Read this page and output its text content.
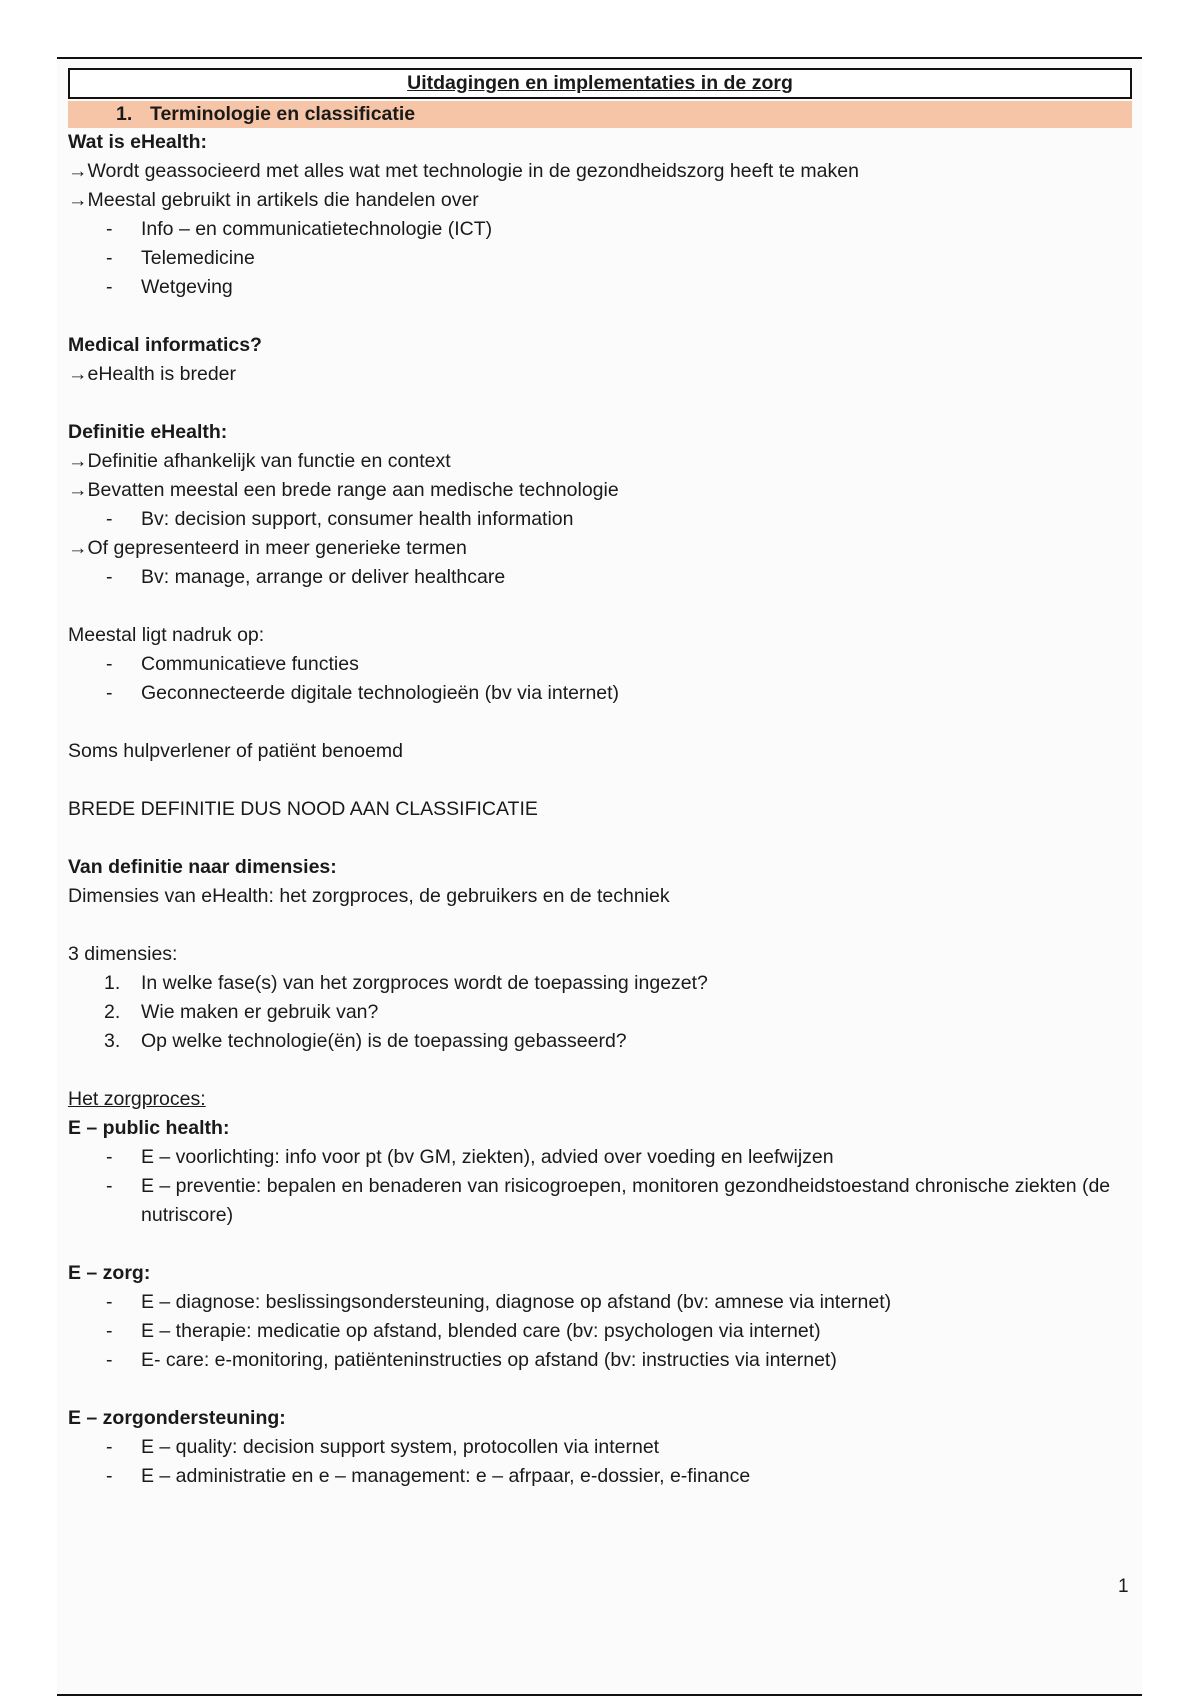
Uitdagingen en implementaties in de zorg
1. Terminologie en classificatie
Wat is eHealth:
→Wordt geassocieerd met alles wat met technologie in de gezondheidszorg heeft te maken
→Meestal gebruikt in artikels die handelen over
- Info – en communicatietechnologie (ICT)
- Telemedicine
- Wetgeving
Medical informatics?
→eHealth is breder
Definitie eHealth:
→Definitie afhankelijk van functie en context
→Bevatten meestal een brede range aan medische technologie
- Bv: decision support, consumer health information
→Of gepresenteerd in meer generieke termen
- Bv: manage, arrange or deliver healthcare
Meestal ligt nadruk op:
- Communicatieve functies
- Geconnecteerde digitale technologieën (bv via internet)
Soms hulpverlener of patiënt benoemd
BREDE DEFINITIE DUS NOOD AAN CLASSIFICATIE
Van definitie naar dimensies:
Dimensies van eHealth: het zorgproces, de gebruikers en de techniek
3 dimensies:
1. In welke fase(s) van het zorgproces wordt de toepassing ingezet?
2. Wie maken er gebruik van?
3. Op welke technologie(ën) is de toepassing gebasseerd?
Het zorgproces:
E – public health:
- E – voorlichting: info voor pt (bv GM, ziekten), advied over voeding en leefwijzen
- E – preventie: bepalen en benaderen van risicogroepen, monitoren gezondheidstoestand chronische ziekten (de nutriscore)
E – zorg:
- E – diagnose: beslissingsondersteuning, diagnose op afstand (bv: amnese via internet)
- E – therapie: medicatie op afstand, blended care (bv: psychologen via internet)
- E- care: e-monitoring, patiënteninstructies op afstand (bv: instructies via internet)
E – zorgondersteuning:
- E – quality: decision support system, protocollen via internet
- E – administratie en e – management: e – afrpaar, e-dossier, e-finance
1
